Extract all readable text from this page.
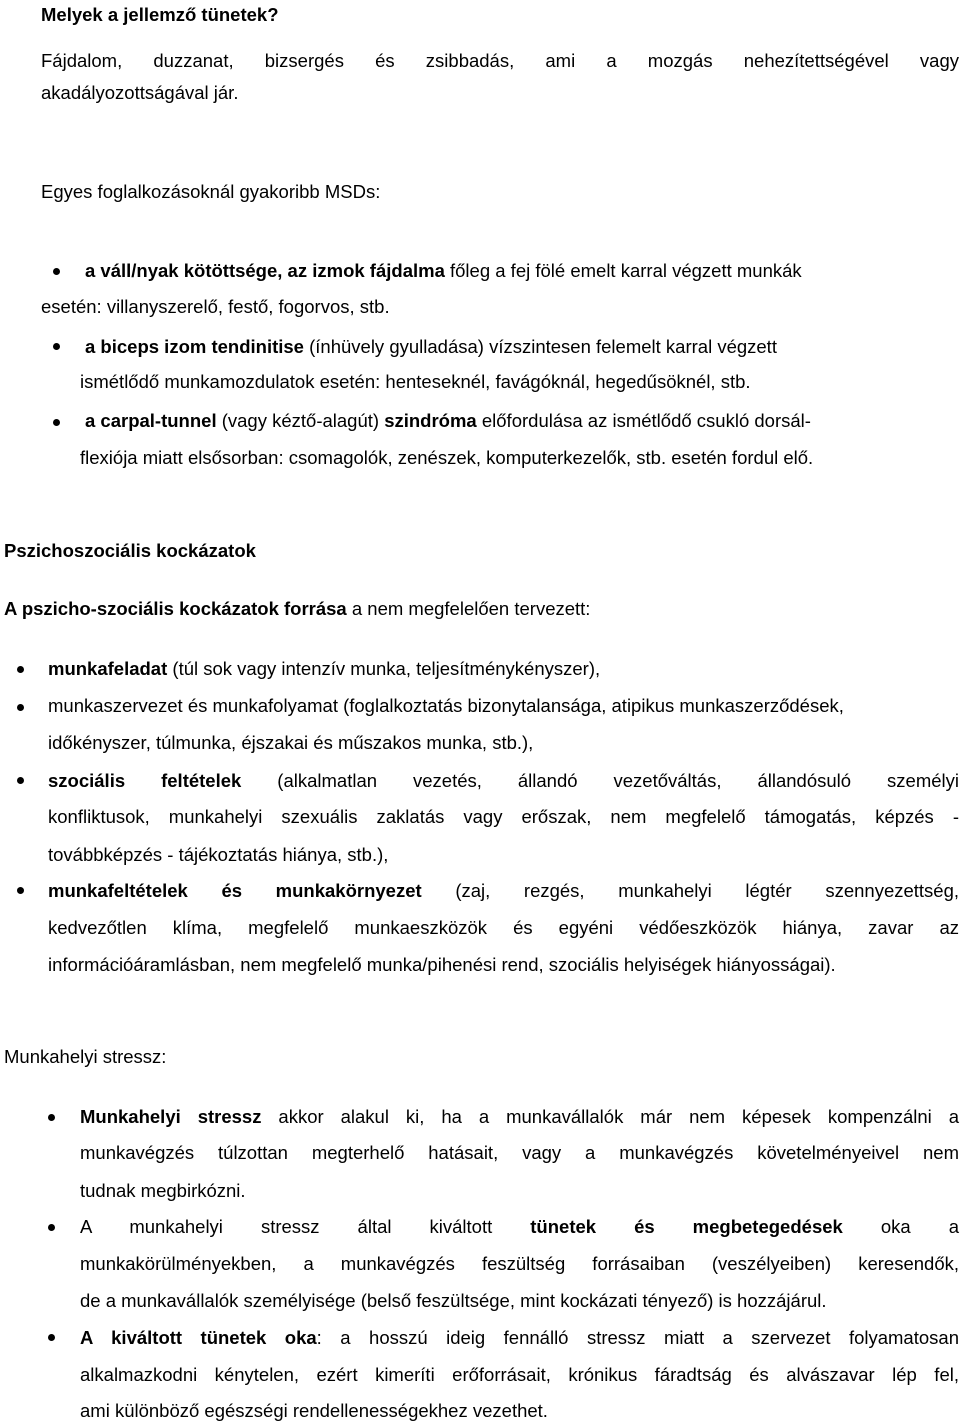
Melyek a jellemző tünetek?
Fájdalom, duzzanat, bizsergés és zsibbadás, ami a mozgás nehezítettségével vagy
akadályozottságával jár.
Egyes foglalkozásoknál gyakoribb MSDs:
a váll/nyak kötöttsége, az izmok fájdalma főleg a fej fölé emelt karral végzett munkák
esetén: villanyszerelő, festő, fogorvos, stb.
a biceps izom tendinitise (ínhüvely gyulladása) vízszintesen felemelt karral végzett
ismétlődő munkamozdulatok esetén: henteseknél, favágóknál, hegedűsöknél, stb.
a carpal-tunnel (vagy kéztő-alagút) szindróma előfordulása az ismétlődő csukló dorsál-
flexiója miatt elsősorban: csomagolók, zenészek, komputerkezelők, stb. esetén fordul elő.
Pszichoszociális kockázatok
A pszicho-szociális kockázatok forrása a nem megfelelően tervezett:
munkafeladat (túl sok vagy intenzív munka, teljesítménykényszer),
munkaszervezet és munkafolyamat (foglalkoztatás bizonytalansága, atipikus munkaszerződések,
időkényszer, túlmunka, éjszakai és műszakos munka, stb.),
szociális feltételek (alkalmatlan vezetés, állandó vezetőváltás, állandósuló személyi
konfliktusok, munkahelyi szexuális zaklatás vagy erőszak, nem megfelelő támogatás, képzés -
továbbképzés - tájékoztatás hiánya, stb.),
munkafeltételek és munkakörnyezet (zaj, rezgés, munkahelyi légtér szennyezettség,
kedvezőtlen klíma, megfelelő munkaeszközök és egyéni védőeszközök hiánya, zavar az
információáramlásban, nem megfelelő munka/pihenési rend, szociális helyiségek hiányosságai).
Munkahelyi stressz:
Munkahelyi stressz akkor alakul ki, ha a munkavállalók már nem képesek kompenzálni a
munkavégzés túlzottan megterhelő hatásait, vagy a munkavégzés követelményeivel nem
tudnak megbirkózni.
A munkahelyi stressz által kiváltott tünetek és megbetegedések oka a
munkakörülményekben, a munkavégzés feszültség forrásaiban (veszélyeiben) keresendők,
de a munkavállalók személyisége (belső feszültsége, mint kockázati tényező) is hozzájárul.
A kiváltott tünetek oka: a hosszú ideig fennálló stressz miatt a szervezet folyamatosan
alkalmazkodni kénytelen, ezért kimeríti erőforrásait, krónikus fáradtság és alvászavar lép fel,
ami különböző egészségi rendellenességekhez vezethet.
